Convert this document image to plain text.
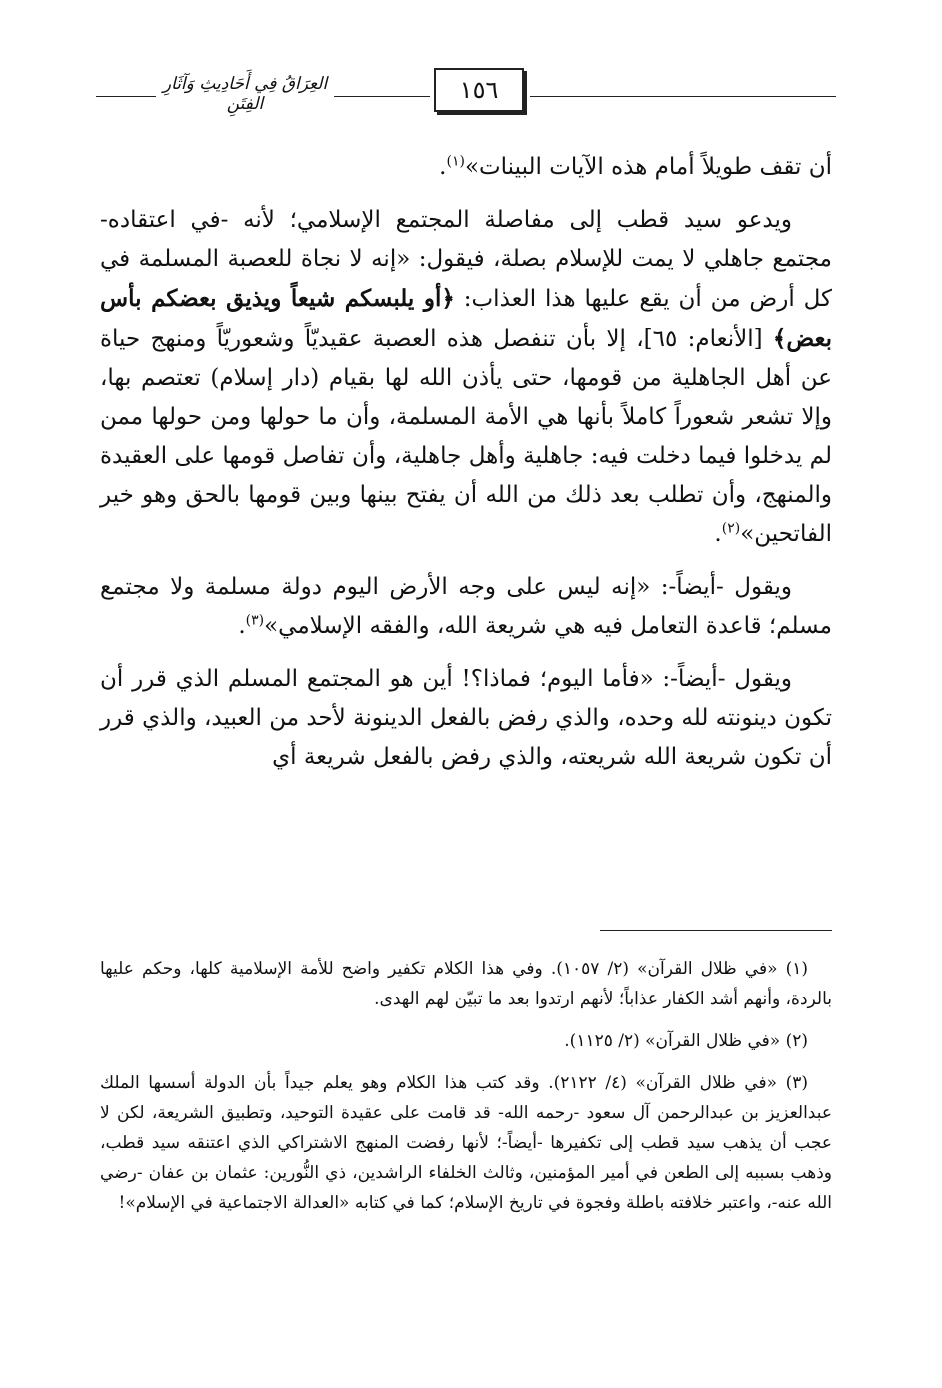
العِرَاقُ فِي أَحَادِيثِ وَآثَارِ الفِتَنِ	١٥٦

أن تقف طويلاً أمام هذه الآيات البينات»$^{(١)}$.

ويدعو سيد قطب إلى مفاصلة المجتمع الإسلامي؛ لأنه -في اعتقاده- مجتمع جاهلي لا يمت للإسلام بصلة، فيقول: «إنه لا نجاة للعصبة المسلمة في كل أرض من أن يقع عليها هذا العذاب: ﴿أو يلبسكم شيعاً ويذيق بعضكم بأس بعض﴾ [الأنعام: ٦٥]، إلا بأن تنفصل هذه العصبة عقيديّاً وشعوريّاً ومنهج حياة عن أهل الجاهلية من قومها، حتى يأذن الله لها بقيام (دار إسلام) تعتصم بها، وإلا تشعر شعوراً كاملاً بأنها هي الأمة المسلمة، وأن ما حولها ومن حولها ممن لم يدخلوا فيما دخلت فيه: جاهلية وأهل جاهلية، وأن تفاصل قومها على العقيدة والمنهج، وأن تطلب بعد ذلك من الله أن يفتح بينها وبين قومها بالحق وهو خير الفاتحين»$^{(٢)}$.

ويقول -أيضاً-: «إنه ليس على وجه الأرض اليوم دولة مسلمة ولا مجتمع مسلم؛ قاعدة التعامل فيه هي شريعة الله، والفقه الإسلامي»$^{(٣)}$.

ويقول -أيضاً-: «فأما اليوم؛ فماذا؟! أين هو المجتمع المسلم الذي قرر أن تكون دينونته لله وحده، والذي رفض بالفعل الدينونة لأحد من العبيد، والذي قرر أن تكون شريعة الله شريعته، والذي رفض بالفعل شريعة أي

(١) «في ظلال القرآن» (٢/ ١٠٥٧). وفي هذا الكلام تكفير واضح للأمة الإسلامية كلها، وحكم عليها بالردة، وأنهم أشد الكفار عذاباً؛ لأنهم ارتدوا بعد ما تبيّن لهم الهدى.

(٢) «في ظلال القرآن» (٢/ ١١٢٥).

(٣) «في ظلال القرآن» (٤/ ٢١٢٢). وقد كتب هذا الكلام وهو يعلم جيداً بأن الدولة أسسها الملك عبدالعزيز بن عبدالرحمن آل سعود -رحمه الله- قد قامت على عقيدة التوحيد، وتطبيق الشريعة، لكن لا عجب أن يذهب سيد قطب إلى تكفيرها -أيضاً-؛ لأنها رفضت المنهج الاشتراكي الذي اعتنقه سيد قطب، وذهب بسببه إلى الطعن في أمير المؤمنين، وثالث الخلفاء الراشدين، ذي النُّورين: عثمان بن عفان -رضي الله عنه-، واعتبر خلافته باطلة وفجوة في تاريخ الإسلام؛ كما في كتابه «العدالة الاجتماعية في الإسلام»!
